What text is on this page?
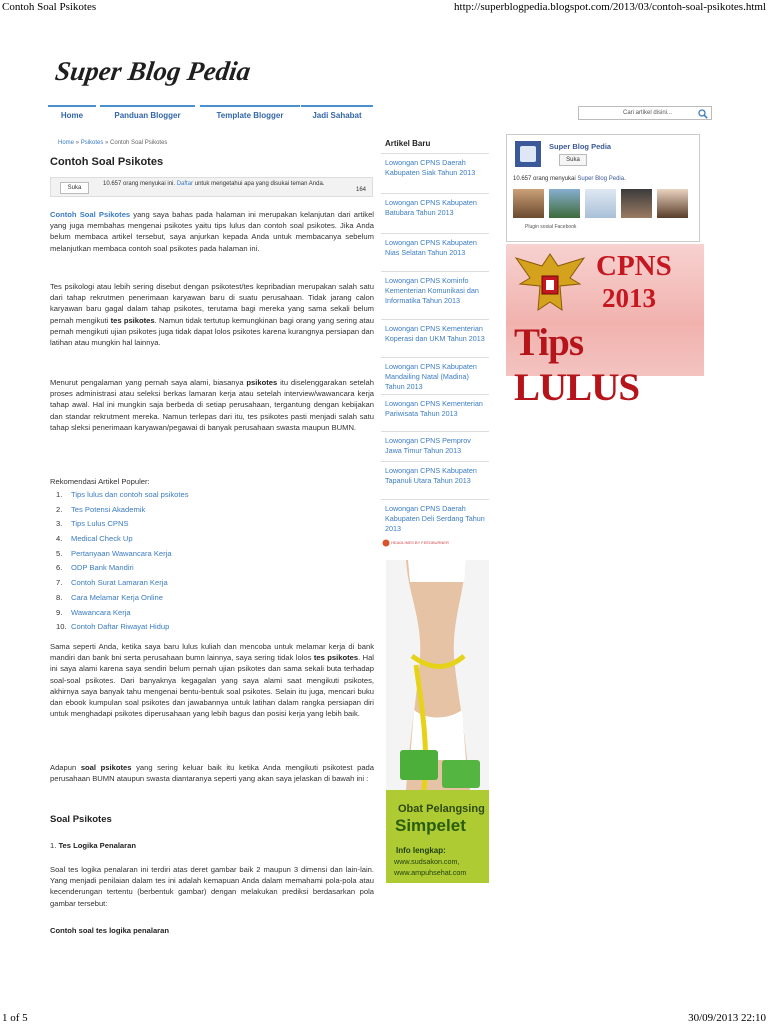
Contoh Soal Psikotes	http://superblogpedia.blogspot.com/2013/03/contoh-soal-psikotes.html
Super Blog Pedia
Home	Panduan Blogger	Template Blogger	Jadi Sahabat	Cari artikel disini...
Home » Psikotes » Contoh Soal Psikotes
Contoh Soal Psikotes
Suka
10.657 orang menyukai ini. Daftar untuk mengetahui apa yang disukai teman Anda.
164
Contoh Soal Psikotes yang saya bahas pada halaman ini merupakan kelanjutan dari artikel yang juga membahas mengenai psikotes yaitu tips lulus dan contoh soal psikotes. Jika Anda belum membaca artikel tersebut, saya anjurkan kepada Anda untuk membacanya sebelum melanjutkan membaca contoh soal psikotes pada halaman ini.
Tes psikologi atau lebih sering disebut dengan psikotest/tes kepribadian merupakan salah satu dari tahap rekrutmen penerimaan karyawan baru di suatu perusahaan. Tidak jarang calon karyawan baru gagal dalam tahap psikotes, terutama bagi mereka yang sama sekali belum pernah mengikuti tes psikotes. Namun tidak tertutup kemungkinan bagi orang yang sering atau pernah mengikuti ujian psikotes juga tidak dapat lolos psikotes karena kurangnya persiapan dan latihan atau mungkin hal lainnya.
Menurut pengalaman yang pernah saya alami, biasanya psikotes itu diselenggarakan setelah proses administrasi atau seleksi berkas lamaran kerja atau setelah interview/wawancara kerja tahap awal. Hal ini mungkin saja berbeda di setiap perusahaan, tergantung dengan kebijakan dan standar rekrutment mereka. Namun terlepas dari itu, tes psikotes pasti menjadi salah satu tahap sleksi penerimaan karyawan/pegawai di banyak perusahaan swasta maupun BUMN.
Rekomendasi Artikel Populer:
1.	Tips lulus dan contoh soal psikotes
2.	Tes Potensi Akademik
3.	Tips Lulus CPNS
4.	Medical Check Up
5.	Pertanyaan Wawancara Kerja
6.	ODP Bank Mandiri
7.	Contoh Surat Lamaran Kerja
8.	Cara Melamar Kerja Online
9.	Wawancara Kerja
10. Contoh Daftar Riwayat Hidup
Sama seperti Anda, ketika saya baru lulus kuliah dan mencoba untuk melamar kerja di bank mandiri dan bank bni serta perusahaan bumn lainnya, saya sering tidak lolos tes psikotes. Hal ini saya alami karena saya sendiri belum pernah ujian psikotes dan sama sekali buta terhadap soal-soal psikotes. Dari banyaknya kegagalan yang saya alami saat mengikuti psikotes, akhirnya saya banyak tahu mengenai bentu-bentuk soal psikotes. Selain itu juga, mencari buku dan ebook kumpulan soal psikotes dan jawabannya untuk latihan dalam rangka persiapan diri untuk menghadapi psikotes diperusahaan yang lebih bagus dan posisi kerja yang lebih baik.
Adapun soal psikotes yang sering keluar baik itu ketika Anda mengikuti psikotest pada perusahaan BUMN ataupun swasta diantaranya seperti yang akan saya jelaskan di bawah ini :
Soal Psikotes
1. Tes Logika Penalaran
Soal tes logika penalaran ini terdiri atas deret gambar baik 2 maupun 3 dimensi dan lain-lain. Yang menjadi penilaian dalam tes ini adalah kemapuan Anda dalam memahami pola-pola atau kecenderungan tertentu (berbentuk gambar) dengan melakukan prediksi berdasarkan pola gambar tersebut:
Contoh soal tes logika penalaran
Artikel Baru
Lowongan CPNS Daerah Kabupaten Siak Tahun 2013
Lowongan CPNS Kabupaten Batubara Tahun 2013
Lowongan CPNS Kabupaten Nias Selatan Tahun 2013
Lowongan CPNS Kominfo Kementerian Komunikasi dan Informatika Tahun 2013
Lowongan CPNS Kementerian Koperasi dan UKM Tahun 2013
Lowongan CPNS Kabupaten Mandailing Natal (Madina) Tahun 2013
Lowongan CPNS Kementerian Pariwisata Tahun 2013
Lowongan CPNS Pemprov Jawa Timur Tahun 2013
Lowongan CPNS Kabupaten Tapanuli Utara Tahun 2013
Lowongan CPNS Daerah Kabupaten Deli Serdang Tahun 2013
HEADLINES BY FEEDBURNER
Super Blog Pedia
Suka
10.657 orang menyukai Super Blog Pedia.
Plugin sosial Facebook
CPNS
2013
Tips LULUS
Obat Pelangsing
Simpelet
Info lengkap:
www.sudsakon.com,
www.ampuhsehat.com
1 of 5	30/09/2013 22:10
